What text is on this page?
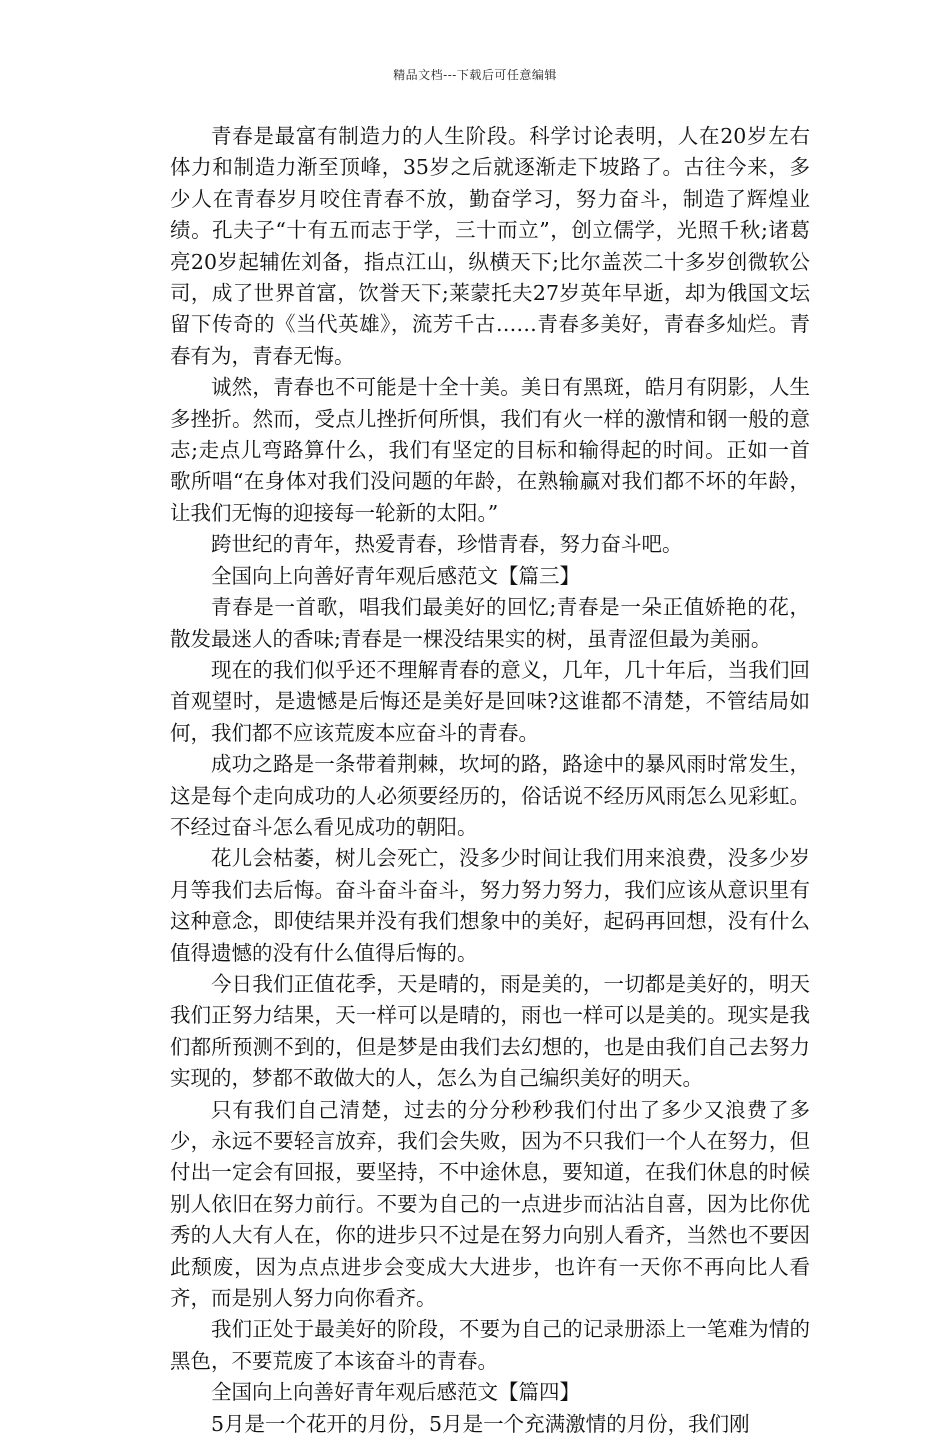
精品文档---下载后可任意编辑

青春是最富有制造力的人生阶段。科学讨论表明，人在20岁左右体力和制造力渐至顶峰，35岁之后就逐渐走下坡路了。古往今来，多少人在青春岁月咬住青春不放，勤奋学习，努力奋斗，制造了辉煌业绩。孔夫子“十有五而志于学，三十而立”，创立儒学，光照千秋;诸葛亮20岁起辅佐刘备，指点江山，纵横天下;比尔盖茨二十多岁创微软公司，成了世界首富，饮誉天下;莱蒙托夫27岁英年早逝，却为俄国文坛留下传奇的《当代英雄》，流芳千古……青春多美好，青春多灿烂。青春有为，青春无悔。

诚然，青春也不可能是十全十美。美日有黑斑，皓月有阴影，人生多挫折。然而，受点儿挫折何所惧，我们有火一样的激情和钢一般的意志;走点儿弯路算什么，我们有坚定的目标和输得起的时间。正如一首歌所唱“在身体对我们没问题的年龄，在熟输赢对我们都不坏的年龄，让我们无悔的迎接每一轮新的太阳。”

跨世纪的青年，热爱青春，珍惜青春，努力奋斗吧。

全国向上向善好青年观后感范文【篇三】

青春是一首歌，唱我们最美好的回忆;青春是一朵正值娇艳的花，散发最迷人的香味;青春是一棵没结果实的树，虽青涩但最为美丽。

现在的我们似乎还不理解青春的意义，几年，几十年后，当我们回首观望时，是遗憾是后悔还是美好是回味?这谁都不清楚，不管结局如何，我们都不应该荒废本应奋斗的青春。

成功之路是一条带着荆棘，坎坷的路，路途中的暴风雨时常发生，这是每个走向成功的人必须要经历的，俗话说不经历风雨怎么见彩虹。不经过奋斗怎么看见成功的朝阳。

花儿会枯萎，树儿会死亡，没多少时间让我们用来浪费，没多少岁月等我们去后悔。奋斗奋斗奋斗，努力努力努力，我们应该从意识里有这种意念，即使结果并没有我们想象中的美好，起码再回想，没有什么值得遗憾的没有什么值得后悔的。

今日我们正值花季，天是晴的，雨是美的，一切都是美好的，明天我们正努力结果，天一样可以是晴的，雨也一样可以是美的。现实是我们都所预测不到的，但是梦是由我们去幻想的，也是由我们自己去努力实现的，梦都不敢做大的人，怎么为自己编织美好的明天。

只有我们自己清楚，过去的分分秒秒我们付出了多少又浪费了多少，永远不要轻言放弃，我们会失败，因为不只我们一个人在努力，但付出一定会有回报，要坚持，不中途休息，要知道，在我们休息的时候别人依旧在努力前行。不要为自己的一点进步而沾沾自喜，因为比你优秀的人大有人在，你的进步只不过是在努力向别人看齐，当然也不要因此颓废，因为点点进步会变成大大进步，也许有一天你不再向比人看齐，而是别人努力向你看齐。

我们正处于最美好的阶段，不要为自己的记录册添上一笔难为情的黑色，不要荒废了本该奋斗的青春。

全国向上向善好青年观后感范文【篇四】

5月是一个花开的月份，5月是一个充满激情的月份，我们刚
